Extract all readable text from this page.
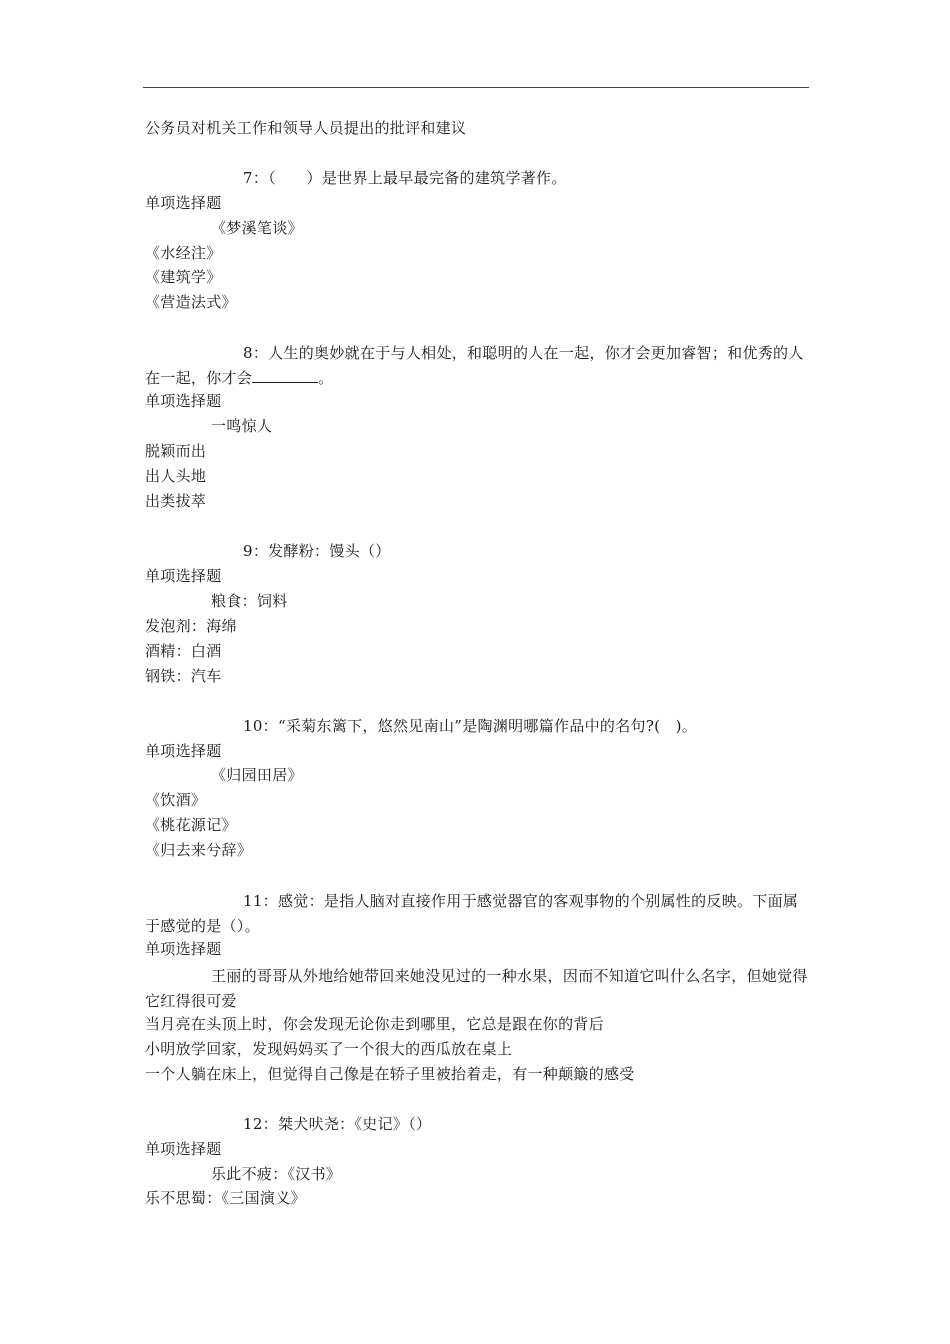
公务员对机关工作和领导人员提出的批评和建议
7：（　　）是世界上最早最完备的建筑学著作。
单项选择题
《梦溪笔谈》
《水经注》
《建筑学》
《营造法式》
8：人生的奥妙就在于与人相处，和聪明的人在一起，你才会更加睿智；和优秀的人在一起，你才会	。
单项选择题
一鸣惊人
脱颖而出
出人头地
出类拔萃
9：发酵粉：馒头（）
单项选择题
粮食：饲料
发泡剂：海绵
酒精：白酒
钢铁：汽车
10：“采菊东篱下，悠然见南山”是陶渊明哪篇作品中的名句?(　)。
单项选择题
《归园田居》
《饮酒》
《桃花源记》
《归去来兮辞》
11：感觉：是指人脑对直接作用于感觉器官的客观事物的个别属性的反映。下面属于感觉的是（）。
单项选择题
王丽的哥哥从外地给她带回来她没见过的一种水果，因而不知道它叫什么名字，但她觉得它红得很可爱
当月亮在头顶上时，你会发现无论你走到哪里，它总是跟在你的背后
小明放学回家，发现妈妈买了一个很大的西瓜放在桌上
一个人躺在床上，但觉得自己像是在轿子里被抬着走，有一种颠簸的感受
12：桀犬吠尧：《史记》（）
单项选择题
乐此不疲：《汉书》
乐不思蜀：《三国演义》
